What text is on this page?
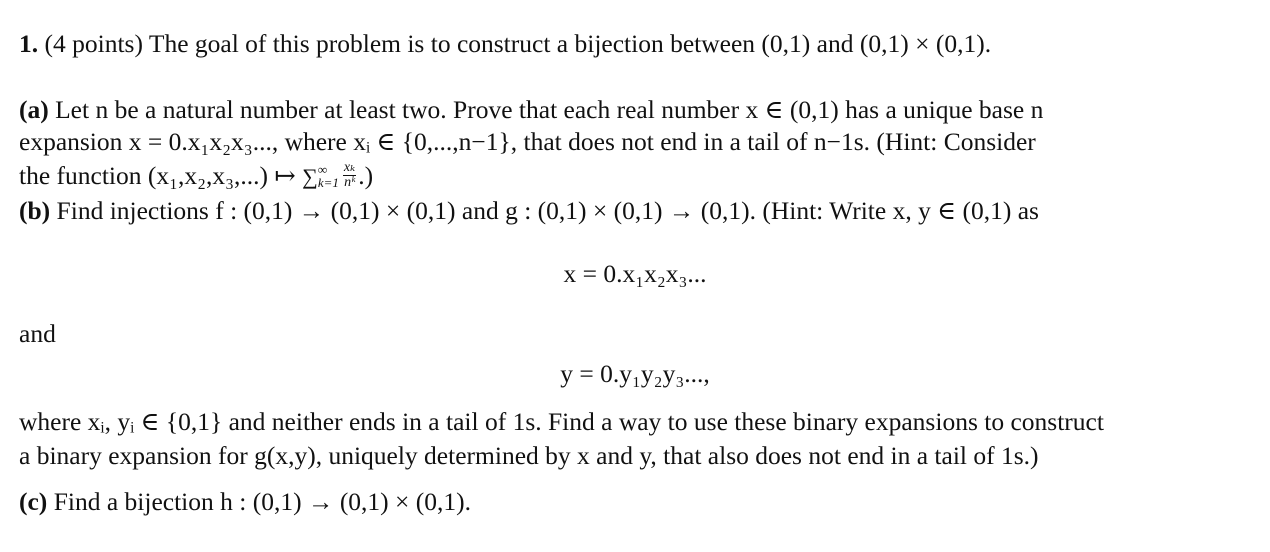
1. (4 points) The goal of this problem is to construct a bijection between (0,1) and (0,1) × (0,1).
(a) Let n be a natural number at least two. Prove that each real number x ∈ (0,1) has a unique base n
expansion x = 0.x₁x₂x₃..., where xᵢ ∈ {0,...,n−1}, that does not end in a tail of n−1s. (Hint: Consider
the function (x₁,x₂,x₃,...) ↦ ∑ ∞
$k=1 \frac{\text{xₖ}}{\text{nᵏ}}$ .)
(b) Find injections f : (0,1) → (0,1) × (0,1) and g : (0,1) × (0,1) → (0,1). (Hint: Write x, y ∈ (0,1) as
x = 0.x₁x₂x₃...
and
y = 0.y₁y₂y₃...,
where xᵢ, yᵢ ∈ {0,1} and neither ends in a tail of 1s. Find a way to use these binary expansions to construct
a binary expansion for g(x,y), uniquely determined by x and y, that also does not end in a tail of 1s.)
(c) Find a bijection h : (0,1) → (0,1) × (0,1).
